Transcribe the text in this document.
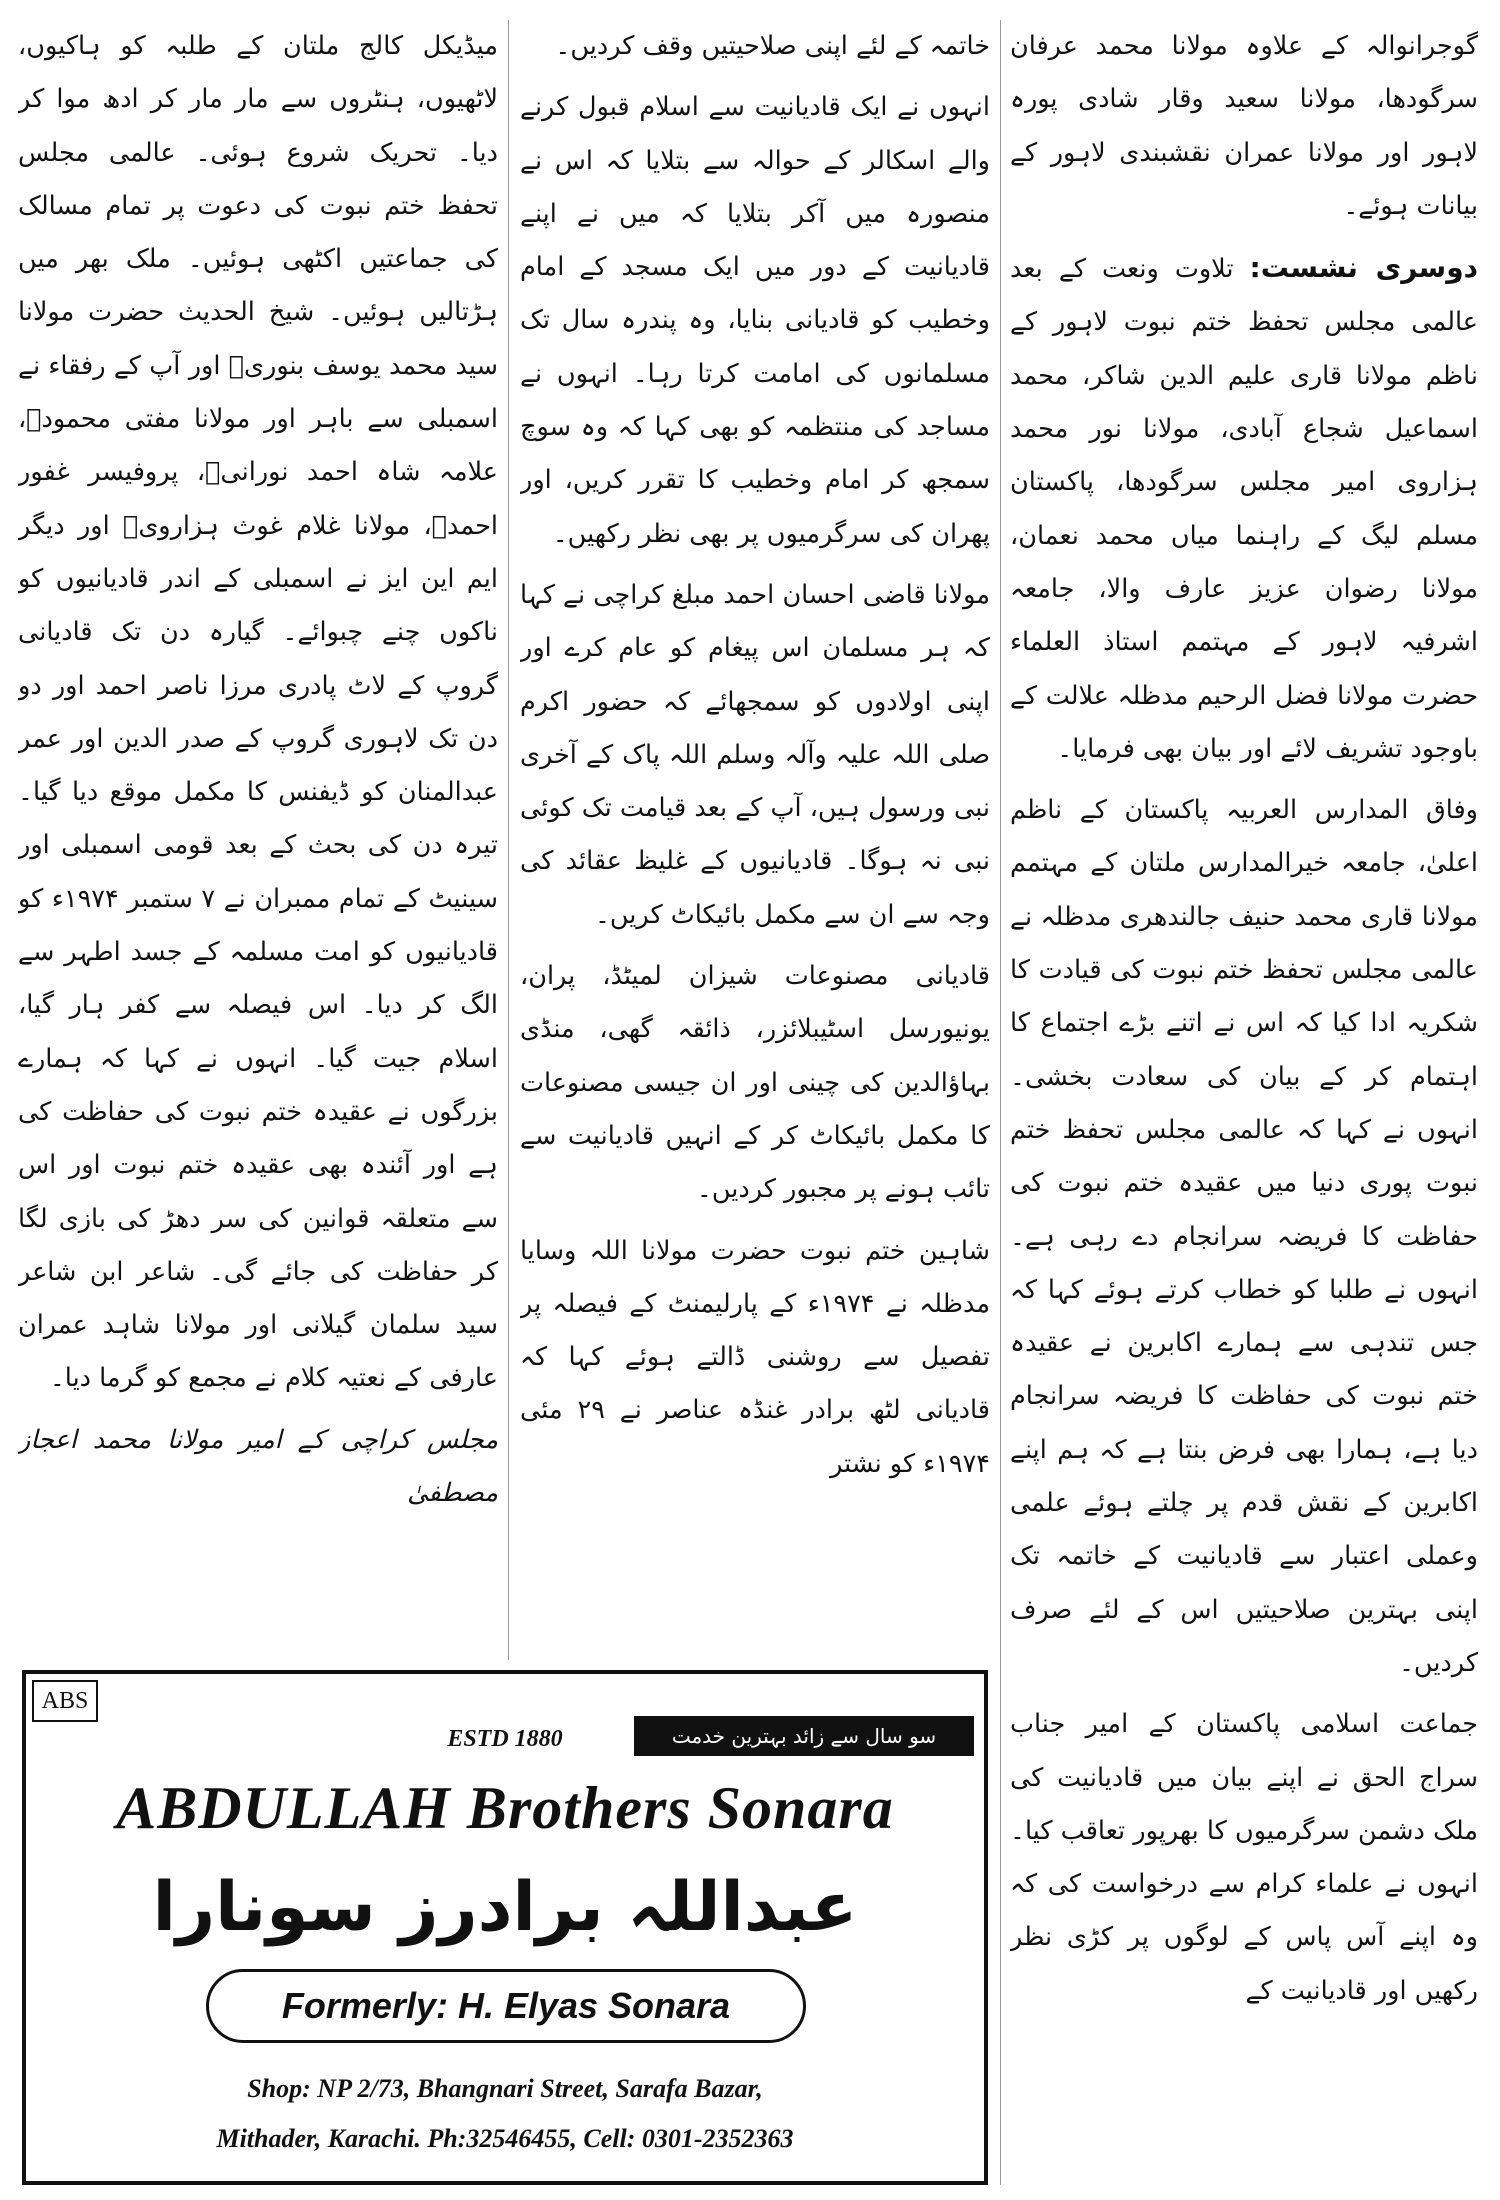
گوجرانوالہ کے علاوہ مولانا محمد عرفان سرگودھا، مولانا سعید وقار شادی پورہ لاہور اور مولانا عمران نقشبندی لاہور کے بیانات ہوئے۔

دوسری نشست: تلاوت ونعت کے بعد عالمی مجلس تحفظ ختم نبوت لاہور کے ناظم مولانا قاری علیم الدین شاکر، محمد اسماعیل شجاع آبادی، مولانا نور محمد ہزاروی امیر مجلس سرگودھا، پاکستان مسلم لیگ کے راہنما میاں محمد نعمان، مولانا رضوان عزیز عارف والا، جامعہ اشرفیہ لاہور کے مہتمم استاذ العلماء حضرت مولانا فضل الرحیم مدظلہ علالت کے باوجود تشریف لائے اور بیان بھی فرمایا۔

وفاق المدارس العربیہ پاکستان کے ناظم اعلیٰ، جامعہ خیرالمدارس ملتان کے مہتمم مولانا قاری محمد حنیف جالندھری مدظلہ نے عالمی مجلس تحفظ ختم نبوت کی قیادت کا شکریہ ادا کیا کہ اس نے اتنے بڑے اجتماع کا اہتمام کر کے بیان کی سعادت بخشی۔ انہوں نے کہا کہ عالمی مجلس تحفظ ختم نبوت پوری دنیا میں عقیدہ ختم نبوت کی حفاظت کا فریضہ سرانجام دے رہی ہے۔ انہوں نے طلبا کو خطاب کرتے ہوئے کہا کہ جس تندہی سے ہمارے اکابرین نے عقیدہ ختم نبوت کی حفاظت کا فریضہ سرانجام دیا ہے، ہمارا بھی فرض بنتا ہے کہ ہم اپنے اکابرین کے نقش قدم پر چلتے ہوئے علمی وعملی اعتبار سے قادیانیت کے خاتمہ تک اپنی بہترین صلاحیتیں اس کے لئے صرف کردیں۔

جماعت اسلامی پاکستان کے امیر جناب سراج الحق نے اپنے بیان میں قادیانیت کی ملک دشمن سرگرمیوں کا بھرپور تعاقب کیا۔ انہوں نے علماء کرام سے درخواست کی کہ وہ اپنے آس پاس کے لوگوں پر کڑی نظر رکھیں اور قادیانیت کے

خاتمہ کے لئے اپنی صلاحیتیں وقف کردیں۔

انہوں نے ایک قادیانیت سے اسلام قبول کرنے والے اسکالر کے حوالہ سے بتلایا کہ اس نے منصورہ میں آکر بتلایا کہ میں نے اپنے قادیانیت کے دور میں ایک مسجد کے امام وخطیب کو قادیانی بنایا، وہ پندرہ سال تک مسلمانوں کی امامت کرتا رہا۔ انہوں نے مساجد کی منتظمہ کو بھی کہا کہ وہ سوچ سمجھ کر امام وخطیب کا تقرر کریں، اور پھران کی سرگرمیوں پر بھی نظر رکھیں۔

مولانا قاضی احسان احمد مبلغ کراچی نے کہا کہ ہر مسلمان اس پیغام کو عام کرے اور اپنی اولادوں کو سمجھائے کہ حضور اکرم صلی اللہ علیہ وآلہ وسلم اللہ پاک کے آخری نبی ورسول ہیں، آپ کے بعد قیامت تک کوئی نبی نہ ہوگا۔ قادیانیوں کے غلیظ عقائد کی وجہ سے ان سے مکمل بائیکاٹ کریں۔

قادیانی مصنوعات شیزان لمیٹڈ، پران، یونیورسل اسٹیبلائزر، ذائقہ گھی، منڈی بہاؤالدین کی چینی اور ان جیسی مصنوعات کا مکمل بائیکاٹ کر کے انہیں قادیانیت سے تائب ہونے پر مجبور کردیں۔

شاہین ختم نبوت حضرت مولانا اللہ وسایا مدظلہ نے ۱۹۷۴ء کے پارلیمنٹ کے فیصلہ پر تفصیل سے روشنی ڈالتے ہوئے کہا کہ قادیانی لٹھ برادر غنڈہ عناصر نے ۲۹ مئی ۱۹۷۴ء کو نشتر

میڈیکل کالج ملتان کے طلبہ کو ہاکیوں، لاٹھیوں، ہنٹروں سے مار مار کر ادھ موا کر دیا۔ تحریک شروع ہوئی۔ عالمی مجلس تحفظ ختم نبوت کی دعوت پر تمام مسالک کی جماعتیں اکٹھی ہوئیں۔ ملک بھر میں ہڑتالیں ہوئیں۔ شیخ الحدیث حضرت مولانا سید محمد یوسف بنوریؒ اور آپ کے رفقاء نے اسمبلی سے باہر اور مولانا مفتی محمودؒ، علامہ شاہ احمد نورانیؒ، پروفیسر غفور احمدؒ، مولانا غلام غوث ہزارویؒ اور دیگر ایم این ایز نے اسمبلی کے اندر قادیانیوں کو ناکوں چنے چبوائے۔ گیارہ دن تک قادیانی گروپ کے لاٹ پادری مرزا ناصر احمد اور دو دن تک لاہوری گروپ کے صدر الدین اور عمر عبدالمنان کو ڈیفنس کا مکمل موقع دیا گیا۔ تیرہ دن کی بحث کے بعد قومی اسمبلی اور سینیٹ کے تمام ممبران نے ۷ ستمبر ۱۹۷۴ء کو قادیانیوں کو امت مسلمہ کے جسد اطہر سے الگ کر دیا۔ اس فیصلہ سے کفر ہار گیا، اسلام جیت گیا۔ انہوں نے کہا کہ ہمارے بزرگوں نے عقیدہ ختم نبوت کی حفاظت کی ہے اور آئندہ بھی عقیدہ ختم نبوت اور اس سے متعلقہ قوانین کی سر دھڑ کی بازی لگا کر حفاظت کی جائے گی۔ شاعر ابن شاعر سید سلمان گیلانی اور مولانا شاہد عمران عارفی کے نعتیہ کلام نے مجمع کو گرما دیا۔

مجلس کراچی کے امیر مولانا محمد اعجاز مصطفیٰ

ABS
ESTD 1880	سو سال سے زائد بہترین خدمت
ABDULLAH Brothers Sonara
عبداللہ برادرز سونارا
Formerly: H. Elyas Sonara
Shop: NP 2/73, Bhangnari Street, Sarafa Bazar,
Mithader, Karachi. Ph:32546455, Cell: 0301-2352363
